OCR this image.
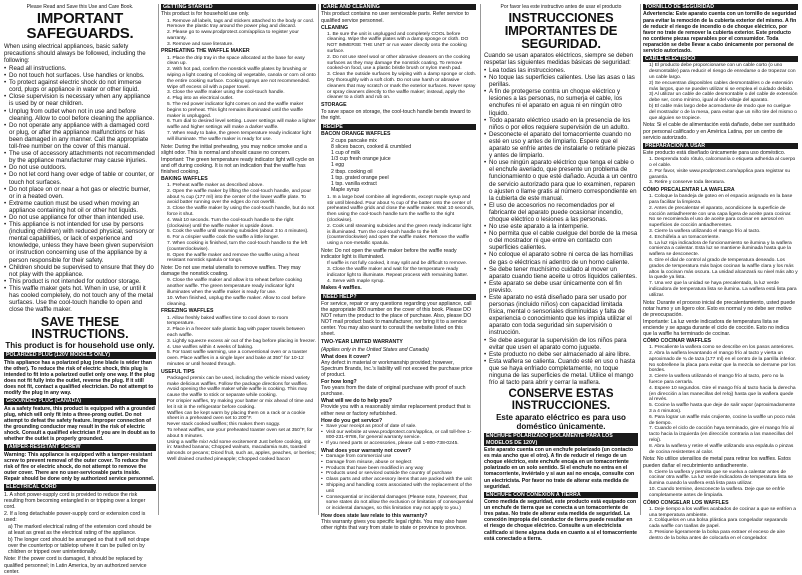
Please Read and Save this Use and Care Book.
IMPORTANT SAFEGUARDS.

When using electrical appliances, basic safety precautions should always be followed, including the following:

• Read all instructions.
• Do not touch hot surfaces. Use handles or knobs.
• To protect against electric shock do not immerse cord, plugs or appliance in water or other liquid.
• Close supervision is necessary when any appliance is used by or near children.
• Unplug from outlet when not in use and before cleaning. Allow to cool before cleaning the appliance.
• Do not operate any appliance with a damaged cord or plug, or after the appliance malfunctions or has been damaged in any manner. Call the appropriate toll-free number on the cover of this manual.
• The use of accessory attachments not recommended by the appliance manufacturer may cause injuries.
• Do not use outdoors.
• Do not let cord hang over edge of table or counter, or touch hot surfaces.
• Do not place on or near a hot gas or electric burner, or in a heated oven.
• Extreme caution must be used when moving an appliance containing hot oil or other hot liquids.
• Do not use appliance for other than intended use.
• This appliance is not intended for use by persons (including children) with reduced physical, sensory or mental capabilities, or lack of experience and knowledge, unless they have been given supervision or instruction concerning use of the appliance by a person responsible for their safety.
• Children should be supervised to ensure that they do not play with the appliance.
• This product is not intended for outdoor storage.
• This waffle maker gets hot. When in use, or until it has cooled completely, do not touch any of the metal surfaces. Use the cool-touch handle to open and close the waffle maker.
SAVE THESE INSTRUCTIONS.
This product is for household use only.
POLARIZED PLUG (120V MODELS ONLY)

This appliance has a polarized plug (one blade is wider than the other). To reduce the risk of electric shock, this plug is intended to fit into a polarized outlet only one way. If the plug does not fit fully into the outlet, reverse the plug. If it still does not fit, contact a qualified electrician. Do not attempt to modify the plug in any way.

GROUNDED PLUG (CANADA)

As a safety feature, this product is equipped with a grounded plug, which will only fit into a three-prong outlet. Do not attempt to defeat the safety feature. Improper connection of the grounding conductor may result in the risk of electric shock. Consult a qualified electrician if you are in doubt as to whether the outlet is properly grounded.

TAMPER-RESISTANT SCREW

Warning: This appliance is equipped with a tamper-resistant screw to prevent removal of the outer cover. To reduce the risk of fire or electric shock, do not attempt to remove the outer cover. There are no user-serviceable parts inside. Repair should be done only by authorized service personnel.

ELECTRICAL CORD

1. A short power-supply cord is provided to reduce the risk resulting from becoming entangled in or tripping over a longer cord.

2. If a long detachable power-supply cord or extension cord is used:

a) The marked electrical rating of the extension cord should be at least as great as the electrical rating of the appliance.

b) The longer cord should be arranged so that it will not drape over the countertop or tabletop where it can be pulled on by children or tripped over unintentionally.

Note: If the power cord is damaged, it should be replaced by qualified personnel; in Latin America, by an authorized service center.

GETTING STARTED

This product is for household use only.

1. Remove all labels, tags and stickers attached to the body or cord. Remove the plastic tray around the power plug and discard.
2. Please go to www.prodprotect.com/applica to register your warranty.
3. Remove and save literature.

PREHEATING THE WAFFLE MAKER

1. Place the drip tray in the space allocated at the base for easy clean up.
2. With hot pad, confirm the nonstick waffle plates by brushing or wiping a light coating of cooking oil vegetable, canola or corn oil onto the entire cooking surface. Cooking sprays are not recommended. Wipe off excess oil with a paper towel.
3. Close the waffle maker using the cool-touch handle.
4. Plug into an electrical outlet.
5. The red power indicator light comes on and the waffle maker begins to preheat. This light remains illuminated until the waffle maker is unplugged.
6. Turn dial to desired level setting. Lower settings will make a lighter waffle and higher settings will make a darker waffle.
7. When ready to bake, the green temperature ready indicator light will illuminate. The waffle maker is ready for use.

Note: During the initial preheating, you may notice smoke and a slight odor. This is normal and should cause no concern.

Important: The green temperature ready indicator light will cycle on and off during cooking. It is not an indication that the waffle has finished cooking.

BAKING WAFFLES

1. Preheat waffle maker as described above.
2. Open the waffle maker by lifting the cool-touch handle, and pour about ¾ cup (177 ml) into the center of the lower waffle plate. To avoid batter running over the edges do not overfill.
3. Close the waffle maker by using the cool-touch handle, but do not force it shut.
4. Wait 10 seconds. Turn the cool-touch handle to the right (clockwise) until the waffle maker is upside down.
5. Cook the waffle until steaming subsides (about 3 to 4 minutes).
6. For a crispier waffle cook the waffle a little longer.
7. When cooking is finished, turn the cool-touch handle to the left (counterclockwise).
8. Open the waffle maker and remove the waffle using a heat resistant nonstick spatula or tongs.

Note: Do not use metal utensils to remove waffles. They may damage the nonstick coating.

9. Close the waffle maker and allow it to reheat before cooking another waffle. The green temperature ready indicator light illuminates when the waffle maker is ready for use.
10. When finished, unplug the waffle maker. Allow to cool before cleaning.

FREEZING WAFFLES

1. Allow freshly baked waffles time to cool down to room temperature.
2. Place in a freezer safe plastic bag with paper towels between each waffle.
3. Lightly squeeze excess air out of the bag before placing in freezer.
4. Use waffles within 4 weeks of baking.
5. For toast waffle warming, use a conventional oven or a toaster oven. Place waffles in a single layer and bake at 350° for 10-12 minutes or until heated through.

USEFUL TIPS

Packaged premix can be used, including the vehicle mixed variety make delicious waffles. Follow the package directions for waffles.
Avoid opening the waffle maker while waffle is cooking. This may cause the waffle to stick or separate while cooking.
For crispier waffles, try making your batter or mix ahead of time and let it sit in the refrigerator before cooking.
Waffles can be kept warm by placing them on a rack or a cookie sheet in a preheated oven set to 200°F.
Never stack cooked waffles; this makes them soggy.
To reheat waffles, use your preheated toaster oven set at 350°F, for about 5 minutes.
Using a waffle mix! Add some excitement! Just before cooking, stir in: Mashed banana; Chopped walnuts, macadamia nuts, toasted almonds or pecans; Diced fruit, such as, apples, peaches, or berries; Well drained crushed pineapple; Chopped cooked bacon
CARE AND CLEANING

This product contains no user serviceable parts. Refer service to qualified service personnel.

CLEANING

1. Be sure the unit is unplugged and completely COOL before cleaning. Wipe the waffle plates with a damp sponge or cloth. DO NOT IMMERSE THE UNIT or run water directly onto the cooking surface.
2. Do not use steel wool or other abrasive cleaners on the cooking surfaces as they may damage the nonstick coating. To remove cooked-on food, use a plastic bristle brush or nylon mesh pad.
3. Clean the outside surfaces by wiping with a damp sponge or cloth. Dry thoroughly with a soft cloth. Do not use harsh or abrasive cleaners that may scratch or mark the exterior surfaces. Never spray or spray cleaners directly to the waffle maker; instead, apply the cleaner to a cloth and rub on.

STORAGE

To save space on storage, the cool-touch handle bends inward to the right.

RECIPE

BACON ORANGE WAFFLES

2 cups pancake mix

8 slices bacon, cooked & crumbled

1 cup of milk

1/3 cup fresh orange juice

1 egg

2 tbsp. cooking oil

1 tsp. grated orange peel

1 tsp. vanilla extract

Maple syrup

1. In a large bowl combine all ingredients, except maple syrup and stir until blended. Pour about ¾ cup of the batter onto the center of preheated waffle grids and close the waffle maker. Wait 10 seconds, then using the cool-touch handle turn the waffle to the right (clockwise).
2. Cook until steaming subsides and the green ready indicator light is illuminated. Turn the cool-touch handle to the left (counterclockwise) and open the waffle maker. Remove the waffle using a non-metallic spatula.

Note: Do not open the waffle maker before the waffle ready indicator light is illuminated.

If waffle is not fully cooked, it may split and be difficult to remove.
3. Close the waffle maker and wait for the temperature ready indicator light to illuminate. Repeat process with remaining batter.
4. Serve with maple syrup.

Makes 4 waffles.

NEED HELP?

For service, repair or any questions regarding your appliance, call the appropriate 800 number on the cover of this book. Please DO NOT return the product to the place of purchase. Also, please DO NOT mail product back to manufacturer, nor bring it to a service center. You may also want to consult the website listed on this sheet.

TWO-YEAR LIMITED WARRANTY

(Applies only in the United States and Canada)

What does it cover?

Any defect in material or workmanship provided; however, Spectrum Brands, Inc.'s liability will not exceed the purchase price of product.

For how long?

Two years from the date of original purchase with proof of such purchase.

What will we do to help you?

Provide you with a reasonably similar replacement product that is either new or factory refurbished.

How do you get service?

• Save your receipt as proof of date of sale.
• Visit our website at www.prodprotect.com/applica, or call toll-free 1-800-231-9786, for general warranty service.
• If you need parts or accessories, please call 1-800-738-0245.

What does your warranty not cover?

• Damage from commercial use
• Damage from misuse, abuse or neglect
• Products that have been modified in any way
• Products used or serviced outside the country of purchase
• Glass parts and other accessory items that are packed with the unit
• Shipping and handling costs associated with the replacement of the unit
• Consequential or incidental damages (Please note, however, that some states do not allow the exclusion or limitation of consequential or incidental damages, so this limitation may not apply to you.)

How does state law relate to this warranty?

This warranty gives you specific legal rights. You may also have other rights that vary from state to state or province to province.

Por favor lea este instructivo antes de usar el producto
INSTRUCCIONES IMPORTANTES DE SEGURIDAD.

Cuando se usan aparatos eléctricos, siempre se deben respetar las siguientes medidas básicas de seguridad:

• Lea todas las instrucciones.
• No toque las superficies calientes. Use las asas o las perillas.
• A fin de protegerse contra un choque eléctrico y lesiones a las personas, no sumerja el cable, los enchufes ni el aparato en agua ni en ningún otro líquido.
• Todo aparato eléctrico usado en la presencia de los niños o por ellos requiere supervisión de un adulto.
• Desconecte el aparato del tomacorriente cuando no esté en uso y antes de limpiarlo. Espere que el aparato se enfríe antes de instalarle o retirarle piezas y antes de limpiarlo.
• No use ningún aparato eléctrico que tenga el cable o el enchufe averiado, que presente un problema de funcionamiento o que esté dañado. Acuda a un centro de servicio autorizado para que lo examinen, reparen o ajusten o llame gratis al número correspondiente en la cubierta de este manual.
• El uso de accesorios no recomendados por el fabricante del aparato puede ocasionar incendio, choque eléctrico o lesiones a las personas.
• No use este aparato a la intemperie.
• No permita que el cable cuelgue del borde de la mesa o del mostrador ni que entre en contacto con superficies calientes.
• No coloque el aparato sobre ni cerca de las hornillas de gas o eléctricas ni adentro de un horno caliente.
• Se debe tener muchísimo cuidado al mover un aparato cuando tiene aceite u otros líquidos calientes.
• Este aparato se debe usar únicamente con el fin previsto.
• Este aparato no está diseñado para ser usado por personas (incluido niños) con capacidad limitada física, mental o sensoriales disminuidas y falta de experiencia o conocimiento que les impida utilizar el aparato con toda seguridad sin supervisión o instrucción.
• Se debe asegurar la supervisión de los niños para evitar que usen el aparato como juguete.
• Este producto no debe ser almacenado al aire libre.
• Esta waflera se calienta. Cuando esté en uso o hasta que se haya enfriado completamente, no toque ninguna de las superficies de metal. Utilice el mango frío al tacto para abrir y cerrar la waflera.
CONSERVE ESTAS INSTRUCCIONES.
Este aparato eléctrico es para uso doméstico únicamente.
ENCHUFE POLARIZADO (SOLAMENTE PARA LOS MODELOS DE 120V)

Este aparato cuenta con un enchufe polarizado (un contacto es más ancho que el otro). A fin de reducir el riesgo de un choque eléctrico, este enchufe encaja en un tomacorriente polarizado en un solo sentido. Si el enchufe no entra en el tomacorriente, inviértalo y si aun así no encaja, consulte con un electricista. Por favor no trate de alterar esta medida de seguridad.

ENCHUFE CON CONEXIÓN A TIERRA

Como medida de seguridad, este producto está equipado con un enchufe de tierra que se conecta a un tomacorriente de tres patas. No trate de alterar esta medida de seguridad. La conexión impropia del conductor de tierra puede resultar en el riesgo de choque eléctrico. Consulte a un electricista calificado si tiene alguna duda en cuanto a si el tomacorriente está conectado a tierra.

TORNILLO DE SEGURIDAD

Advertencia: Este aparato cuenta con un tornillo de seguridad para evitar la remoción de la cubierta exterior del mismo. A fin de reducir el riesgo de incendio o de choque eléctrico, por favor no trate de remover la cubierta exterior. Este producto no contiene piezas reparables por el consumidor. Toda reparación se debe llevar a cabo únicamente por personal de servicio autorizado.

CABLE ELÉCTRICO
1) El producto debe proporcionarse con un cable corto (o uno desmontable) para reducir el riesgo de enredarse o de tropezar con un cable largo.
2) Se encuentran disponibles cables desmontables o de extensión más largos, que se pueden utilizar si se emplea el cuidado debido.
3) Al utilizar un cable de cable desmontable o del cable de extensión debe ser, como mínimo, igual al del voltaje del aparato.
b) El cable más largo debe acomodarse de modo que no cuelgue del mostrador o de la mesa, para evitar que un niño tire del mismo o que alguien se tropiece.

Nota: Si el cable de alimentación está dañado, debe ser sustituido por personal calificado y en América Latina, por un centro de servicio autorizado.

PREPARACIÓN A USAR

Este producto está diseñado únicamente para uso doméstico.

1. Desprenda todo rótulo, calcomanía o etiqueta adherida al cuerpo o el cable.
2. Por favor, visite www.prodprotect.com/applica para registrar su garantía.
3. Retire y conserve toda literatura.

CÓMO PRECALENTAR LA WAFLERA

1. Coloque la bandeja de goteo en el espacio asignado en la base para facilitar la limpieza.
2. Antes de precalentar el aparato, acondicione la superficie de cocción antiadherente con una capa ligera de aceite para cocinar. No se recomienda el uso de aceite para cocinar en aerosol en superficies de cocción antiadherentes.
3. Cierre la waflera utilizando el mango frío al tacto.
4. Enchúfela a un tomacorriente.
5. La luz roja indicadora de funcionamiento se ilumina y la waflera comienza a calentar. Esta luz se mantiene iluminada hasta que la waflera se desconecte.
6. Gire el dial de control al grado de temperatura deseado. Los grados de temperatura más bajos cocinan la waffle clara y los más altos la cocinan más oscura. La unidad alcanzará su nivel más alto y la quede ya lista.
7. Una vez que la unidad se haya precalentado, la luz verde indicadora de temperatura lista se ilumina. La waflera está lista para utilizar.

Nota: Durante el proceso inicial de precalentamiento, usted puede notar humo y un ligero olor. Esto es normal y no debe ser motivo de preocupación.

Importante: La luz verde indicadora de temperatura lista se enciende y se apaga durante el ciclo de cocción. Esto no indica que la waffle ha terminado de cocinar.

CÓMO COCINAR WAFFLES

1. Precaliente la waflera como se describe en los pasos anteriores.
2. Abra la waflera levantando el mango frío al tacto y vierta un aproximado de ¾ de taza (177 ml) en el centro de la parrilla inferior. No sobrellene la placa para evitar que la mezcla se derrame por los bordes.
3. Cierre la waflera utilizando el mango frío al tacto, pero no la fuerce para cerrarla.
4. Espere 10 segundos. Gire el mango frío al tacto hacia la derecha (en dirección a las manecillas del reloj) hasta que la waflera quede al revés.
5. Cocine la waffle hasta que deje de salir vapor (aproximadamente 3 a 4 minutos).
6. Para lograr un waffle más crujiente, cocine la waffle un poco más de tiempo.
7. Cuando el ciclo de cocción haya terminado, gire el mango frío al tacto hacia la izquierda (en dirección contraria a las manecillas del reloj).
8. Abra la waflera y retire el waffle utilizando una espátula o pinzas de cocina resistentes al calor.

Nota: No utilice utensilios de metal para retirar los waffles. Estos pueden dañar el recubrimiento antiadherente.

9. Cierre la waflera y permita que se vuelva a calentar antes de cocinar otra waffle. La luz verde indicadora de temperatura lista se ilumina cuando la waflera está lista para utilizar.
10. Cuando termine, desconecte la waflera. Deje que se enfríe completamente antes de limpiarla.

CÓMO CONGELAR LOS WAFFLES

1. Deje tiempo a los waffles acabados de cocinar a que se enfríen a una temperatura ambiente.
2. Colóquelos en una bolsa plástica para congelador separando cada waffle con toallas de papel.
3. Presione ligeramente la bolsa para extraer el exceso de aire dentro de la bolsa antes de colocarla en el congelador.
